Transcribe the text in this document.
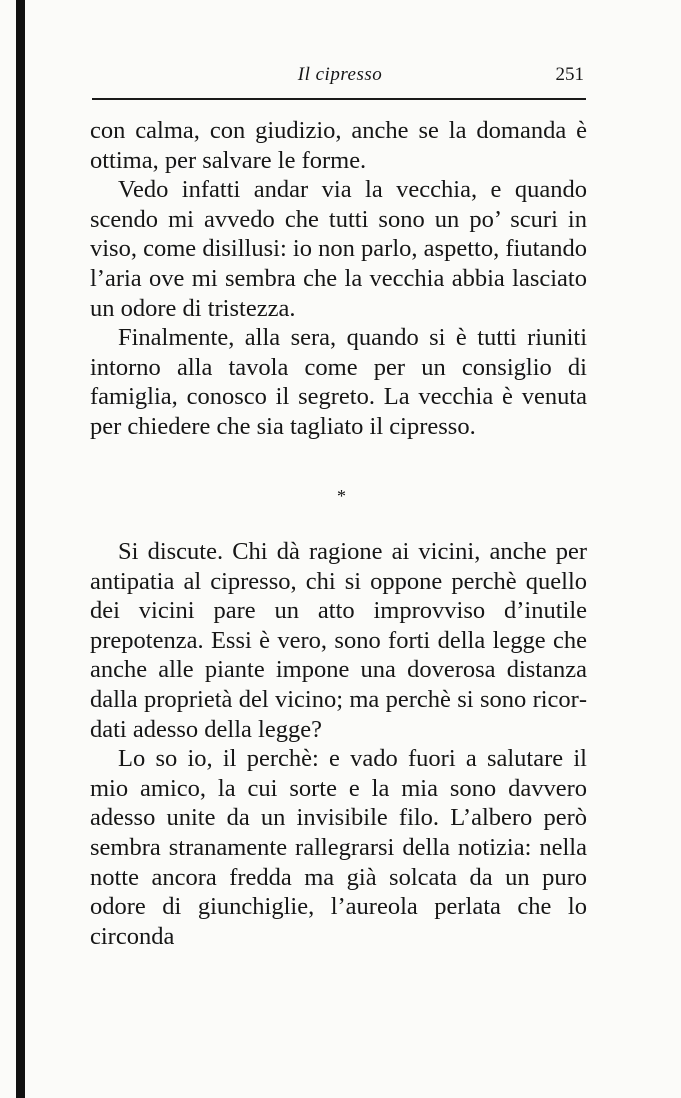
Il cipresso	251

con calma, con giudizio, anche se la domanda è ottima, per salvare le forme.

Vedo infatti andar via la vecchia, e quando scendo mi avvedo che tutti sono un po’ scuri in viso, come disillusi: io non parlo, aspetto, fiutando l’aria ove mi sembra che la vecchia abbia lasciato un odore di tristezza.

Finalmente, alla sera, quando si è tutti riuniti intorno alla tavola come per un consiglio di famiglia, conosco il segreto. La vecchia è venuta per chiedere che sia tagliato il cipresso.

*

Si discute. Chi dà ragione ai vicini, anche per antipatia al cipresso, chi si oppone perchè quello dei vicini pare un atto improvviso d’inutile prepotenza. Essi è vero, sono forti della legge che anche alle piante impone una doverosa distanza dalla proprietà del vicino; ma perchè si sono ricordati adesso della legge?

Lo so io, il perchè: e vado fuori a salutare il mio amico, la cui sorte e la mia sono davvero adesso unite da un invisibile filo. L’albero però sembra stranamente rallegrarsi della notizia: nella notte ancora fredda ma già solcata da un puro odore di giunchiglie, l’aureola perlata che lo circonda
